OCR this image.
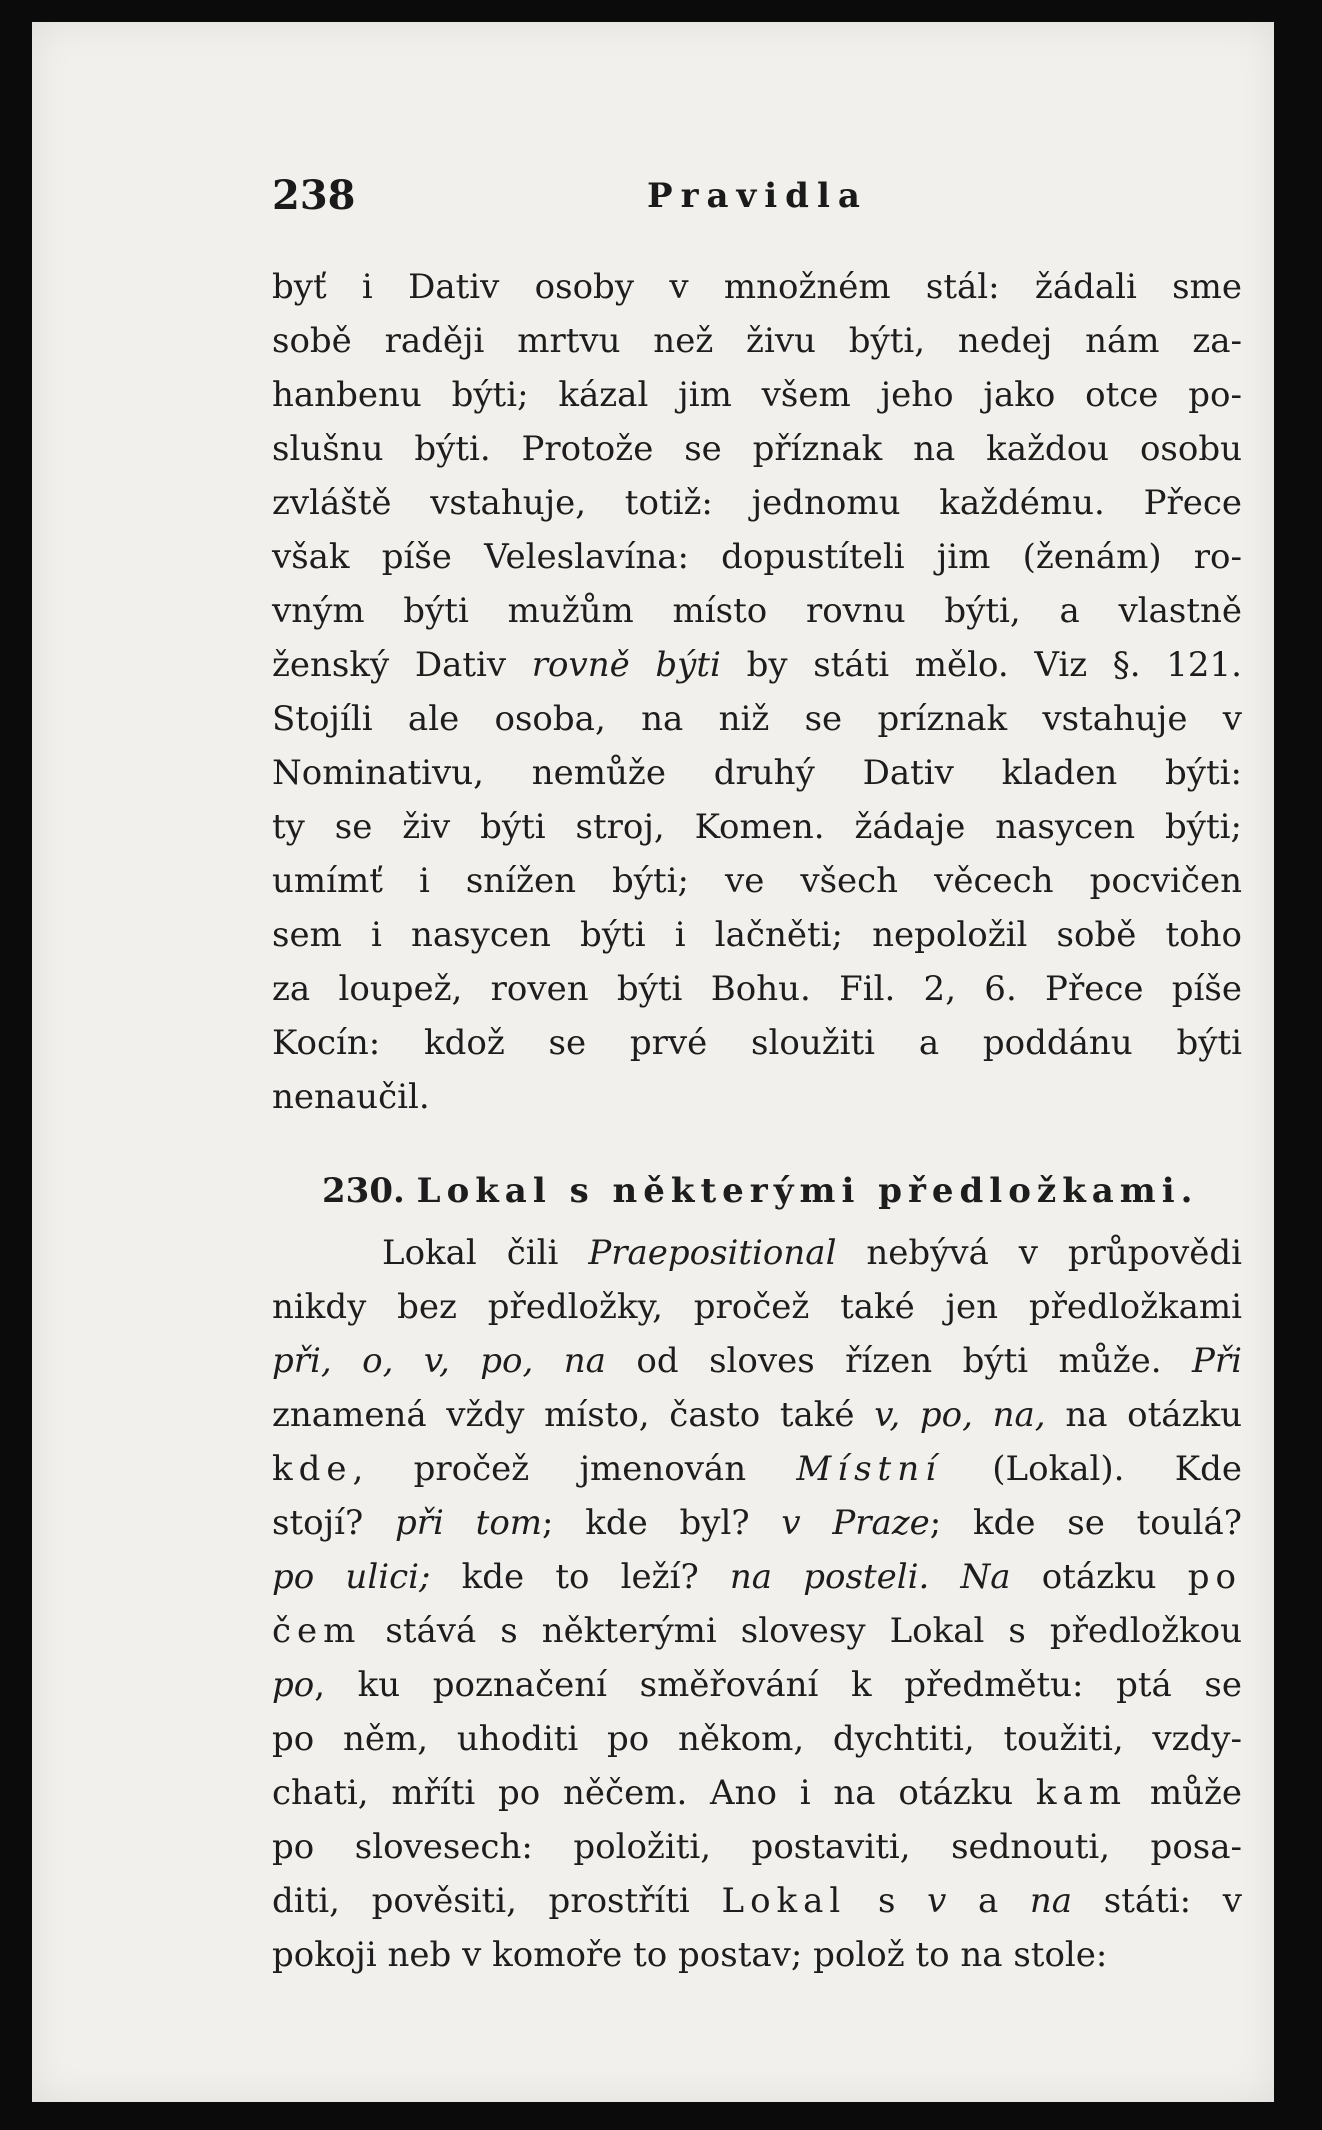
238	Pravidla
byť i Dativ osoby v množném stál: žádali sme
sobě raději mrtvu než živu býti, nedej nám za-
hanbenu býti; kázal jim všem jeho jako otce po-
slušnu býti. Protože se příznak na každou osobu
zvláště vstahuje, totiž: jednomu každému. Přece
však píše Veleslavína: dopustíteli jim (ženám) ro-
vným býti mužům místo rovnu býti, a vlastně
ženský Dativ rovně býti by státi mělo. Viz §. 121.
Stojíli ale osoba, na niž se príznak vstahuje v
Nominativu, nemůže druhý Dativ kladen býti:
ty se živ býti stroj, Komen. žádaje nasycen býti;
umímť i snížen býti; ve všech věcech pocvičen
sem i nasycen býti i lačněti; nepoložil sobě toho
za loupež, roven býti Bohu. Fil. 2, 6. Přece píše
Kocín: kdož se prvé sloužiti a poddánu býti
nenaučil.
230. Lokal s některými předložkami.
Lokal čili Praepositional nebývá v průpovědi
nikdy bez předložky, pročež také jen předložkami
při, o, v, po, na od sloves řízen býti může. Při
znamená vždy místo, často také v, po, na, na otázku
kde, pročež jmenován Místní (Lokal). Kde
stojí? při tom; kde byl? v Praze; kde se toulá?
po ulici; kde to leží? na posteli. Na otázku po
čem stává s některými slovesy Lokal s předložkou
po, ku poznačení směřování k předmětu: ptá se
po něm, uhoditi po někom, dychtiti, toužiti, vzdy-
chati, mříti po něčem. Ano i na otázku kam může
po slovesech: položiti, postaviti, sednouti, posa-
diti, pověsiti, prostříti Lokal s v a na státi: v
pokoji neb v komoře to postav; polož to na stole:
